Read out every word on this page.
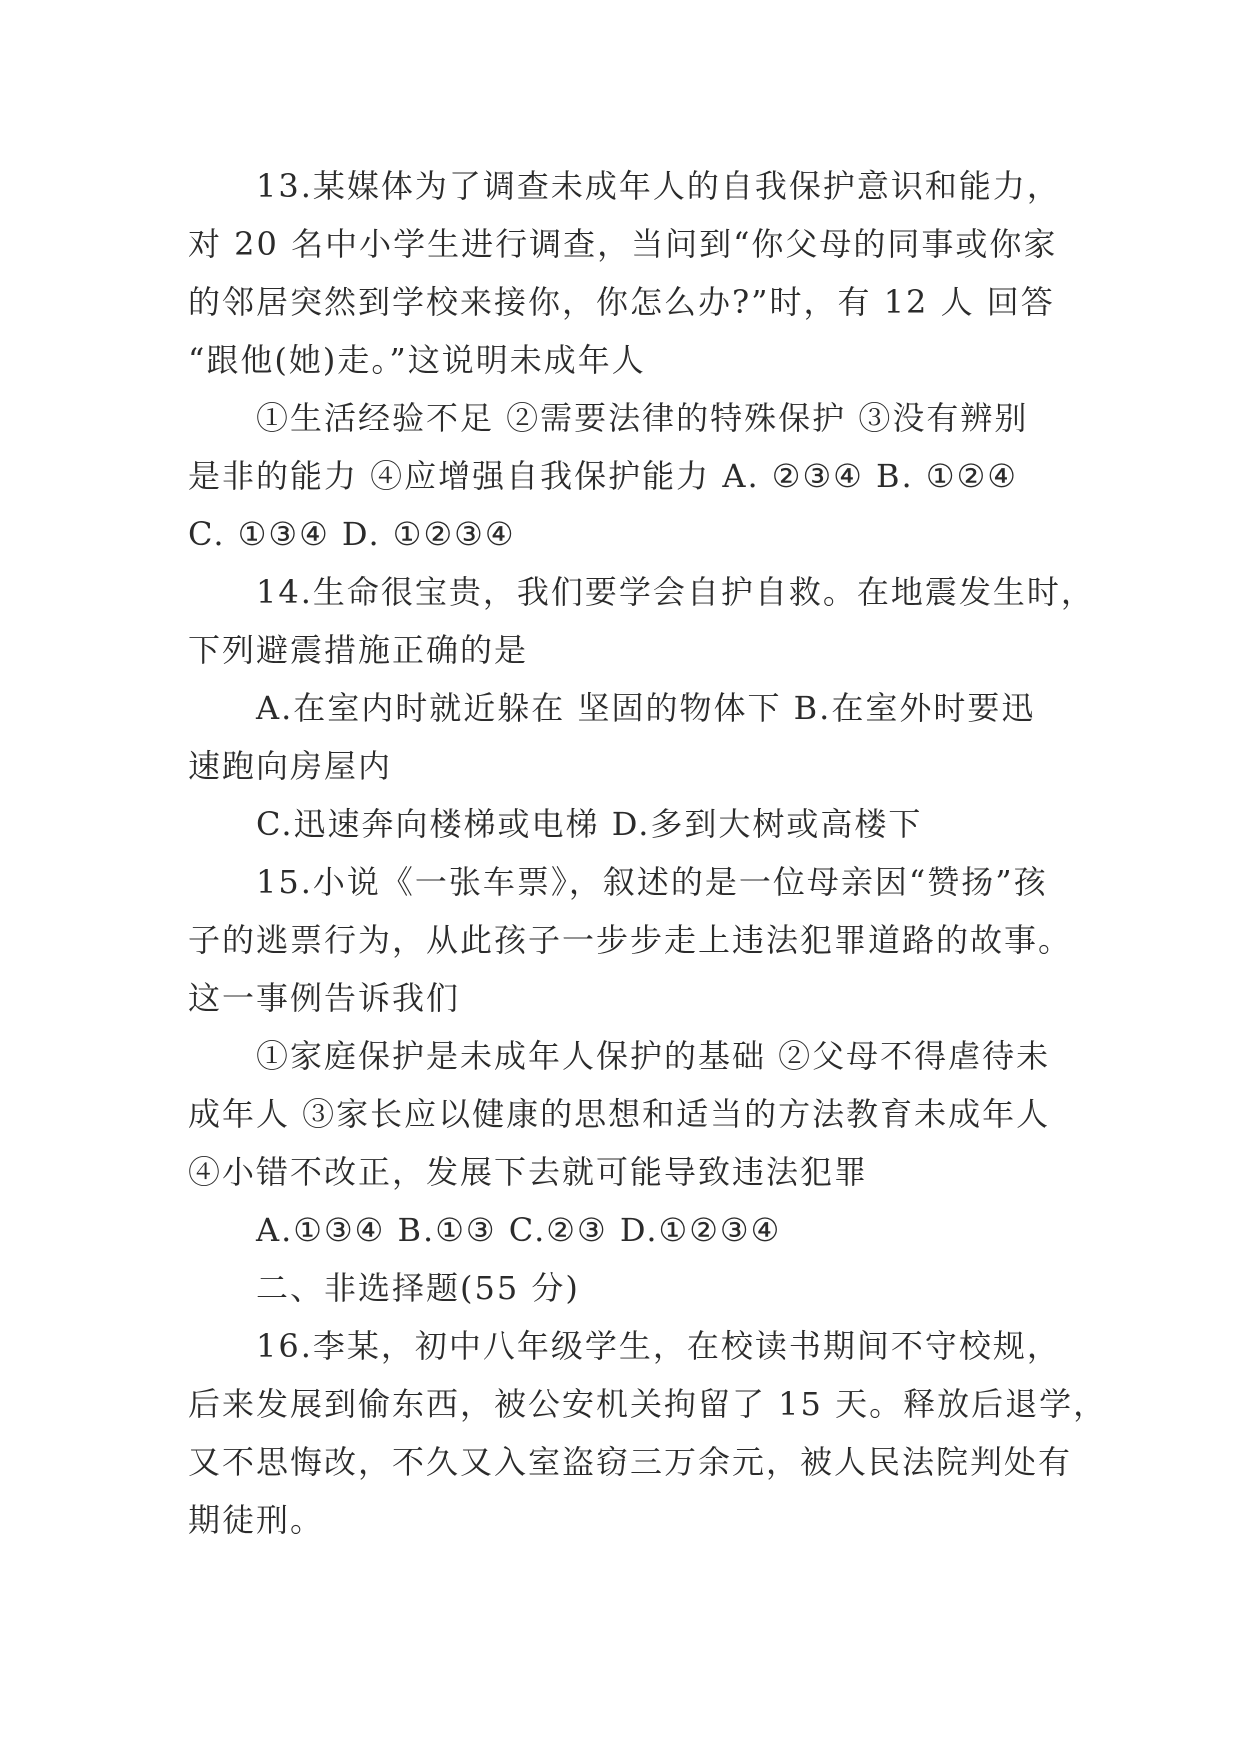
13.某媒体为了调查未成年人的自我保护意识和能力，
对 20 名中小学生进行调查，当问到“你父母的同事或你家
的邻居突然到学校来接你，你怎么办?”时，有 12 人 回答
“跟他(她)走。”这说明未成年人
①生活经验不足 ②需要法律的特殊保护 ③没有辨别
是非的能力 ④应增强自我保护能力 A. ②③④ B. ①②④
C. ①③④ D. ①②③④
14.生命很宝贵，我们要学会自护自救。在地震发生时，
下列避震措施正确的是
A.在室内时就近躲在 坚固的物体下 B.在室外时要迅
速跑向房屋内
C.迅速奔向楼梯或电梯 D.多到大树或高楼下
15.小说《一张车票》，叙述的是一位母亲因“赞扬”孩
子的逃票行为，从此孩子一步步走上违法犯罪道路的故事。
这一事例告诉我们
①家庭保护是未成年人保护的基础 ②父母不得虐待未
成年人 ③家长应以健康的思想和适当的方法教育未成年人
④小错不改正，发展下去就可能导致违法犯罪
A.①③④ B.①③ C.②③ D.①②③④
二、非选择题(55 分)
16.李某，初中八年级学生，在校读书期间不守校规，
后来发展到偷东西，被公安机关拘留了 15 天。释放后退学，
又不思悔改，不久又入室盗窃三万余元，被人民法院判处有
期徒刑。
